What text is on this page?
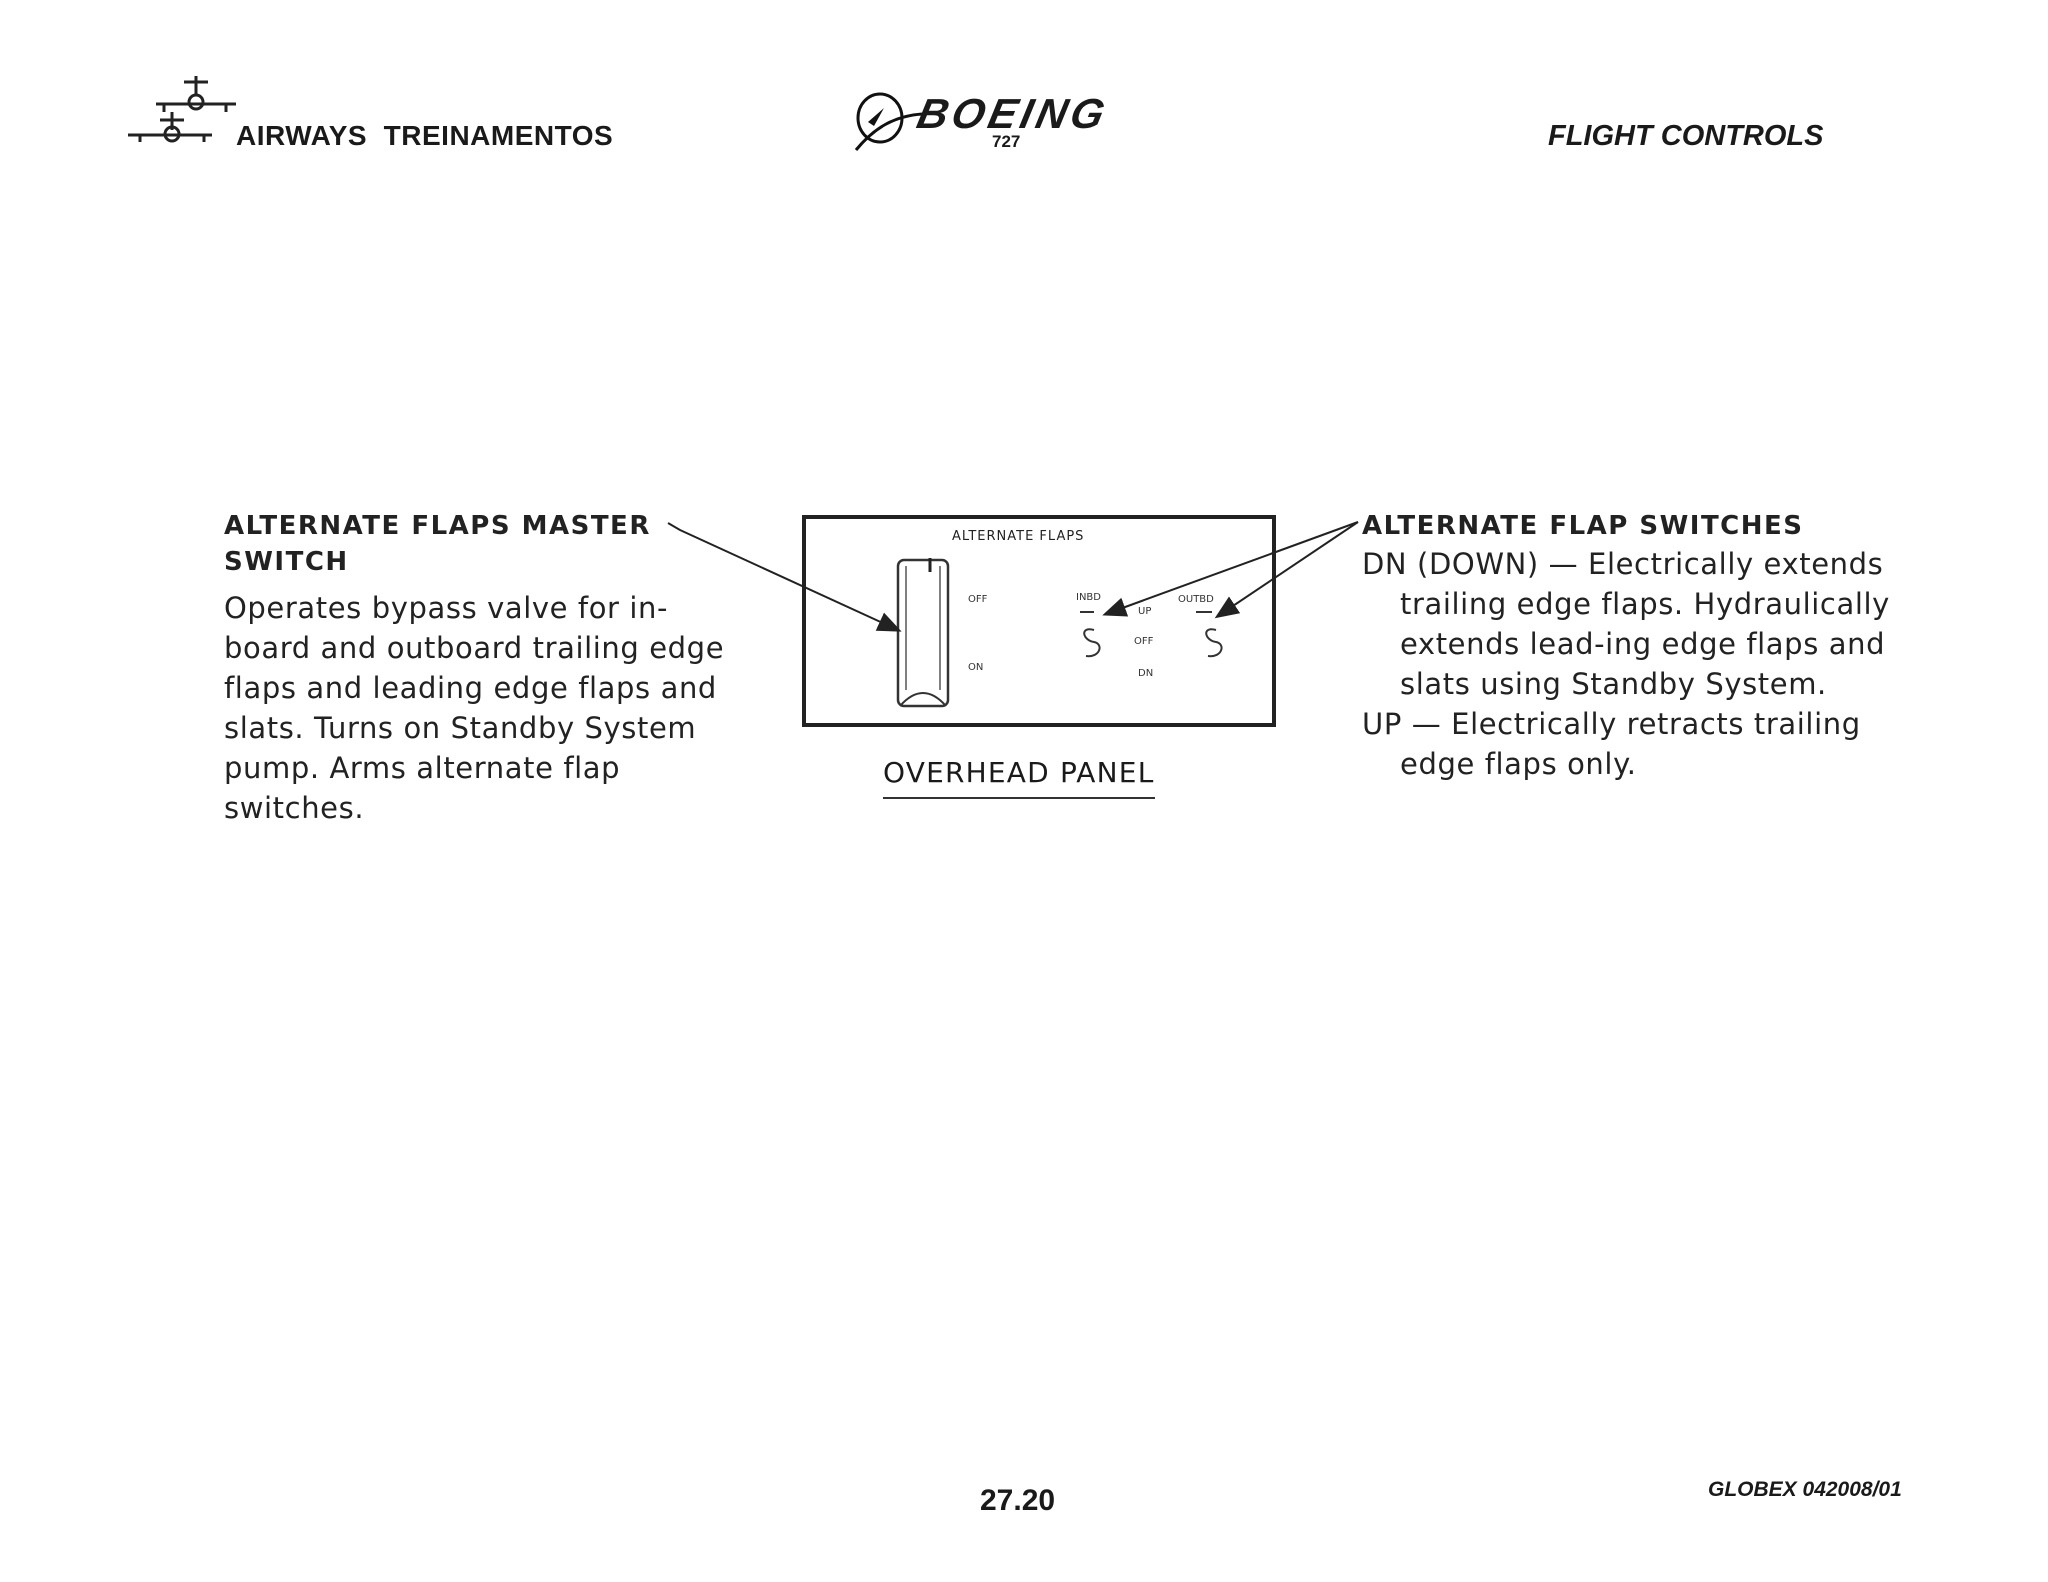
AIRWAYS  TREINAMENTOS	BOEING
727	FLIGHT CONTROLS
ALTERNATE FLAPS MASTER
SWITCH
Operates bypass valve for in-board and outboard trailing edge flaps and leading edge flaps and slats. Turns on Standby System pump. Arms alternate flap switches.
ALTERNATE FLAPS
OFF
ON
INBD	OUTBD
UP
OFF
DN
OVERHEAD PANEL
ALTERNATE FLAP SWITCHES
DN (DOWN) — Electrically extends trailing edge flaps. Hydraulically extends lead-ing edge flaps and slats using Standby System.
UP — Electrically retracts trailing edge flaps only.
27.20	GLOBEX 042008/01
